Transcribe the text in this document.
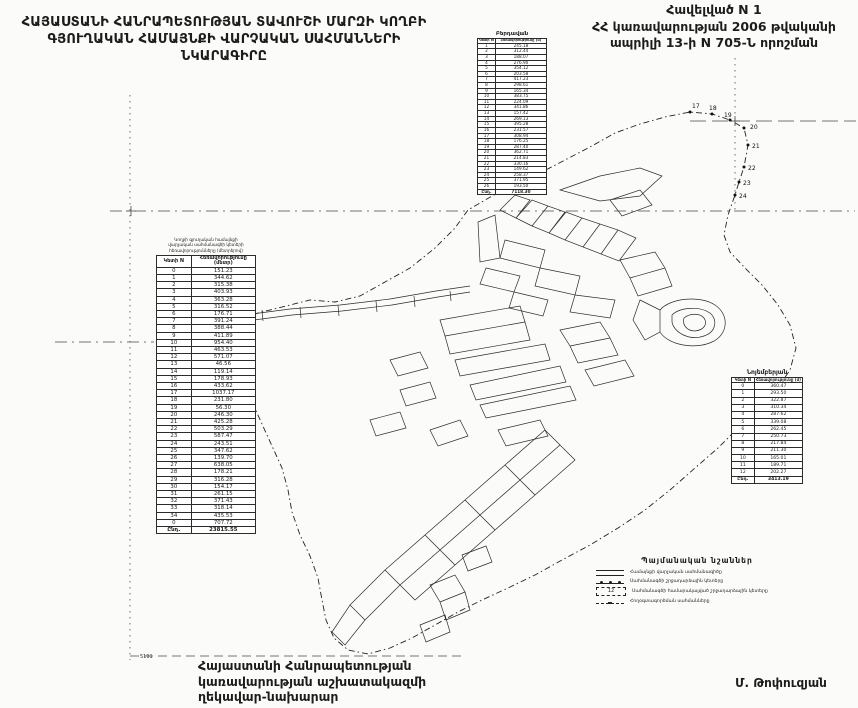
17 18
19
20
21
22
23
24
ՀԱՅԱՍՏԱՆԻ ՀԱՆՐԱՊԵՏՈՒԹՅԱՆ ՏԱՎՈՒՇԻ ՄԱՐԶԻ ԿՈՂԲԻ
ԳՅՈՒՂԱԿԱՆ ՀԱՄԱՅՆՔԻ ՎԱՐՉԱԿԱՆ ՍԱՀՄԱՆՆԵՐԻ ՆԿԱՐԱԳԻՐԸ
Հավելված N 1
ՀՀ կառավարության 2006 թվականի
ապրիլի 13-ի N 705-Ն որոշման
Բերդավան
Կետի N	Հեռավորությունը (մ)
1	245.18
2	312.44
3	188.07
4	276.90
5	354.12
6	203.58
7	417.23
8	298.61
9	165.34
10	383.75
11	224.09
12	341.86
13	157.42
14	269.13
15	395.28
16	231.57
17	308.94
18	176.25
19	287.40
20	362.71
21	214.83
22	330.16
23	149.62
24	258.37
25	371.95
26	193.50
Ընդ.	7118.30
Կողբի գյուղական համայնքի
վարչական սահմանագծի կետերի
հեռավորությունները (մետրերով)
Կետի N	Հեռավորությունը (մետր)
0	151.23
1	344.62
2	315.38
3	403.93
4	363.28
5	316.52
6	176.71
7	391.24
8	388.44
9	411.89
10	954.40
11	463.53
12	571.07
13	46.56
14	119.14
15	178.93
16	433.62
17	1037.17
18	231.80
19	56.30
20	246.30
21	425.28
22	503.29
23	587.47
24	243.51
25	347.62
26	139.70
27	638.05
28	178.21
29	316.28
30	154.17
31	261.15
32	371.43
33	318.14
34	435.53
0	707.72
Ընդ.	23815.55
Նոյեմբերյան
Կետի N	Հեռավորությունը (մ)
0	360.47
1	293.50
2	322.87
3	310.34
4	287.62
5	339.08
6	262.45
7	250.73
8	217.84
9	211.30
10	165.01
11	189.71
12	202.27
Ընդ.	3413.19
Պայմանական նշաններ
Համայնքի վարչական սահմանագիծը
Սահմանագծի շրջադարձային կետերը
12	Սահմանագծի համարակալված շրջադարձային կետերը
Հողօգտագործման սահմանները
Հայաստանի Հանրապետության
կառավարության աշխատակազմի
ղեկավար-նախարար
Մ. Թոփուզյան
5191
